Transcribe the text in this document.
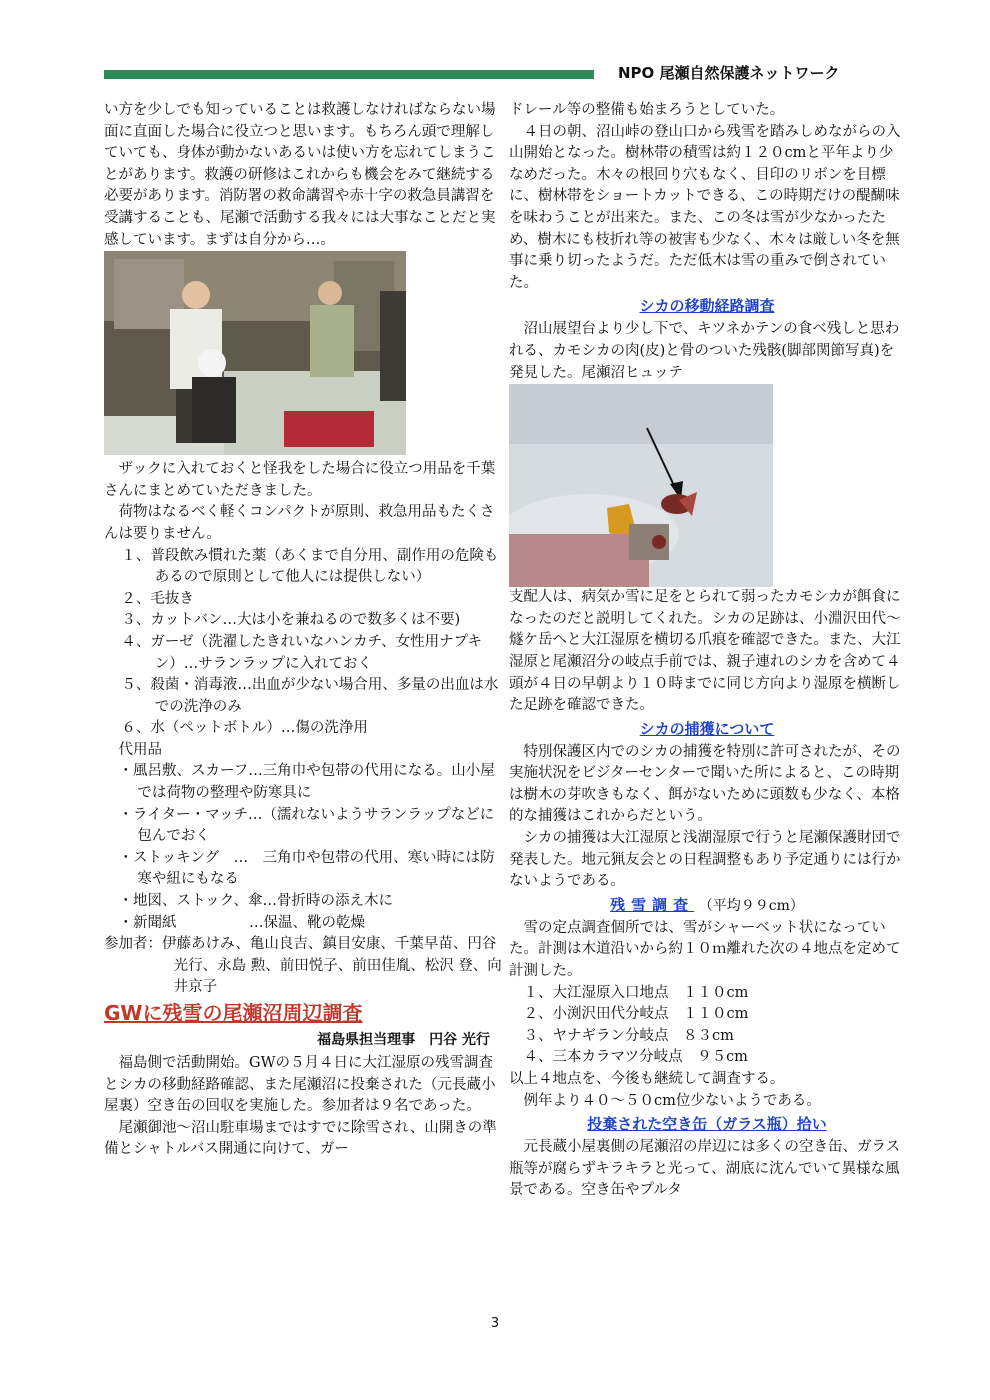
NPO 尾瀬自然保護ネットワーク

い方を少しでも知っていることは救護しなければならない場面に直面した場合に役立つと思います。もちろん頭で理解していても、身体が動かないあるいは使い方を忘れてしまうことがあります。救護の研修はこれからも機会をみて継続する必要があります。消防署の救命講習や赤十字の救急員講習を受講することも、尾瀬で活動する我々には大事なことだと実感しています。まずは自分から…。

ザックに入れておくと怪我をした場合に役立つ用品を千葉さんにまとめていただきました。

荷物はなるべく軽くコンパクトが原則、救急用品もたくさんは要りません。

１、普段飲み慣れた薬（あくまで自分用、副作用の危険もあるので原則として他人には提供しない）
２、毛抜き
３、カットバン…大は小を兼ねるので数多くは不要)
４、ガーゼ（洗濯したきれいなハンカチ、女性用ナプキン）…サランラップに入れておく
５、殺菌・消毒液…出血が少ない場合用、多量の出血は水での洗浄のみ
６、水（ペットボトル）…傷の洗浄用
代用品
・風呂敷、スカーフ…三角巾や包帯の代用になる。山小屋では荷物の整理や防寒具に
・ライター・マッチ…（濡れないようサランラップなどに包んでおく
・ストッキング　…　三角巾や包帯の代用、寒い時には防寒や紐にもなる
・地図、ストック、傘…骨折時の添え木に
・新聞紙　　　　　…保温、靴の乾燥
参加者：伊藤あけみ、亀山良吉、鎮目安康、千葉早苗、円谷光行、永島 勲、前田悦子、前田佳胤、松沢 登、向井京子
GWに残雪の尾瀬沼周辺調査
福島県担当理事　円谷 光行

福島側で活動開始。GWの５月４日に大江湿原の残雪調査とシカの移動経路確認、また尾瀬沼に投棄された（元長蔵小屋裏）空き缶の回収を実施した。参加者は９名であった。

尾瀬御池～沼山駐車場まではすでに除雪され、山開きの準備とシャトルバス開通に向けて、ガー

ドレール等の整備も始まろうとしていた。

４日の朝、沼山峠の登山口から残雪を踏みしめながらの入山開始となった。樹林帯の積雪は約１２０cmと平年より少なめだった。木々の根回り穴もなく、目印のリボンを目標に、樹林帯をショートカットできる、この時期だけの醍醐味を味わうことが出来た。また、この冬は雪が少なかったため、樹木にも枝折れ等の被害も少なく、木々は厳しい冬を無事に乗り切ったようだ。ただ低木は雪の重みで倒されていた。

シカの移動経路調査

沼山展望台より少し下で、キツネかテンの食べ残しと思われる、カモシカの肉(皮)と骨のついた残骸(脚部関節写真)を発見した。尾瀬沼ヒュッテ

支配人は、病気か雪に足をとられて弱ったカモシカが餌食になったのだと説明してくれた。シカの足跡は、小淵沢田代～燧ケ岳へと大江湿原を横切る爪痕を確認できた。また、大江湿原と尾瀬沼分の岐点手前では、親子連れのシカを含めて４頭が４日の早朝より１０時までに同じ方向より湿原を横断した足跡を確認できた。

シカの捕獲について

特別保護区内でのシカの捕獲を特別に許可されたが、その実施状況をビジターセンターで聞いた所によると、この時期は樹木の芽吹きもなく、餌がないために頭数も少なく、本格的な捕獲はこれからだという。

シカの捕獲は大江湿原と浅湖湿原で行うと尾瀬保護財団で発表した。地元猟友会との日程調整もあり予定通りには行かないようである。

残雪調査 （平均９９cm）

雪の定点調査個所では、雪がシャーベット状になっていた。計測は木道沿いから約１０ｍ離れた次の４地点を定めて計測した。

１、大江湿原入口地点　１１０cm
２、小渕沢田代分岐点　１１０cm
３、ヤナギラン分岐点　８３cm
４、三本カラマツ分岐点　９５cm

以上４地点を、今後も継続して調査する。

例年より４０～５０cm位少ないようである。

投棄された空き缶（ガラス瓶）拾い

元長蔵小屋裏側の尾瀬沼の岸辺には多くの空き缶、ガラス瓶等が腐らずキラキラと光って、湖底に沈んでいて異様な風景である。空き缶やプルタ

3
